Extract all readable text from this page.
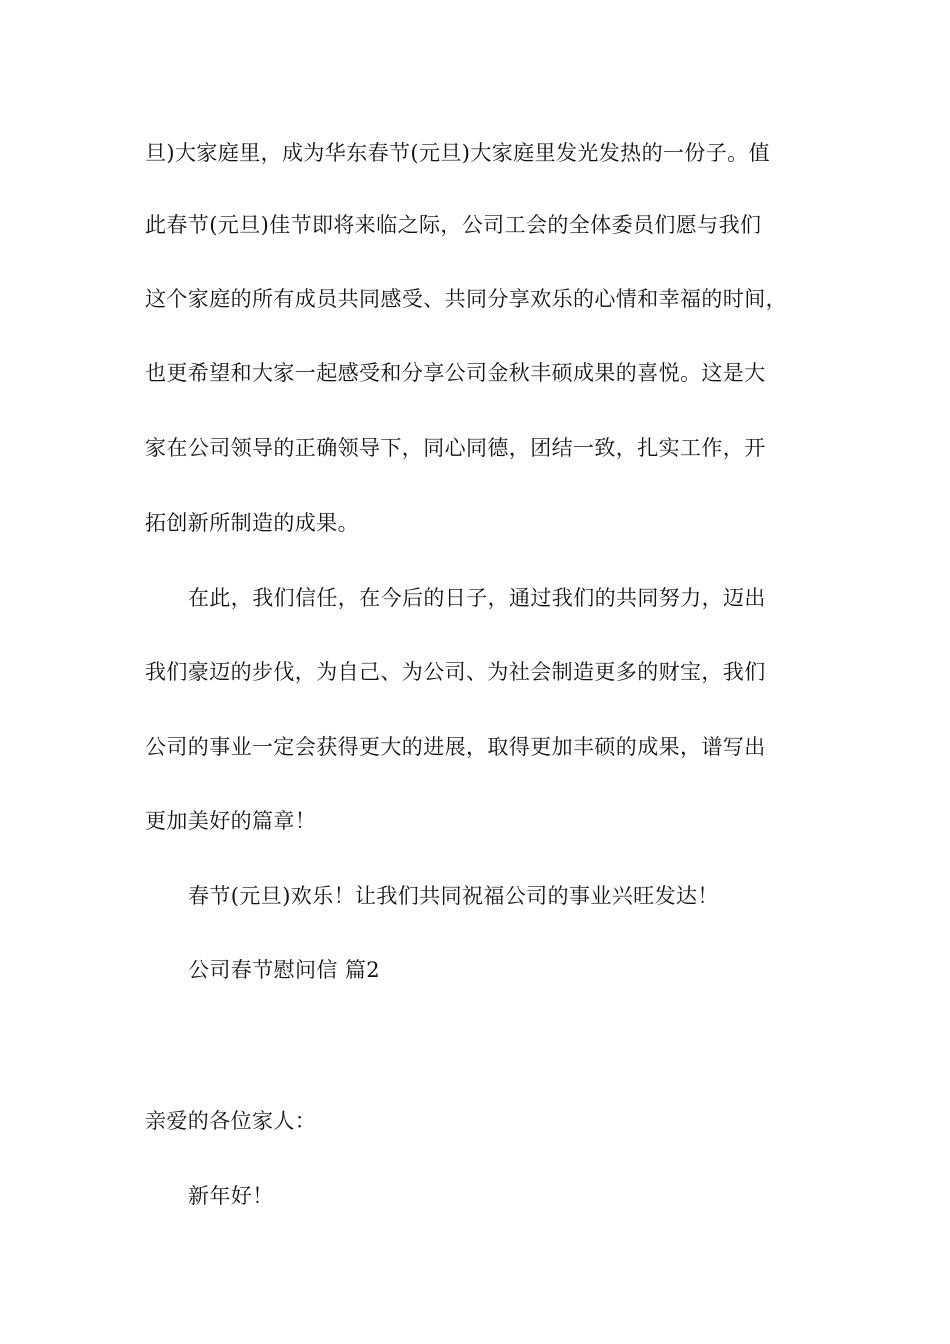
旦)大家庭里，成为华东春节(元旦)大家庭里发光发热的一份子。值
此春节(元旦)佳节即将来临之际，公司工会的全体委员们愿与我们
这个家庭的所有成员共同感受、共同分享欢乐的心情和幸福的时间，
也更希望和大家一起感受和分享公司金秋丰硕成果的喜悦。这是大
家在公司领导的正确领导下，同心同德，团结一致，扎实工作，开
拓创新所制造的成果。
在此，我们信任，在今后的日子，通过我们的共同努力，迈出
我们豪迈的步伐，为自己、为公司、为社会制造更多的财宝，我们
公司的事业一定会获得更大的进展，取得更加丰硕的成果，谱写出
更加美好的篇章！
春节(元旦)欢乐！让我们共同祝福公司的事业兴旺发达！
公司春节慰问信 篇2
亲爱的各位家人：
新年好！
